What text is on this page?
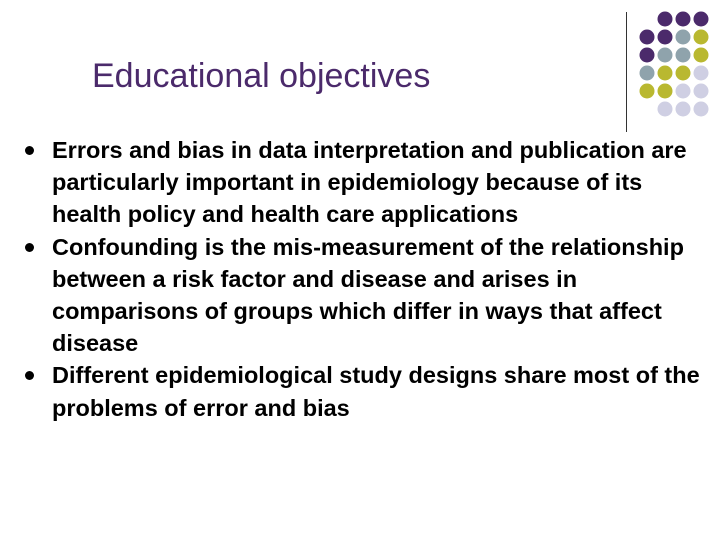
Educational objectives
Errors and bias in data interpretation and publication are particularly important in epidemiology because of its health policy and health care applications
Confounding is the mis-measurement of the relationship between a risk factor and disease and arises in comparisons of groups which differ in ways that affect disease
Different epidemiological study designs share most of the problems of error and bias
